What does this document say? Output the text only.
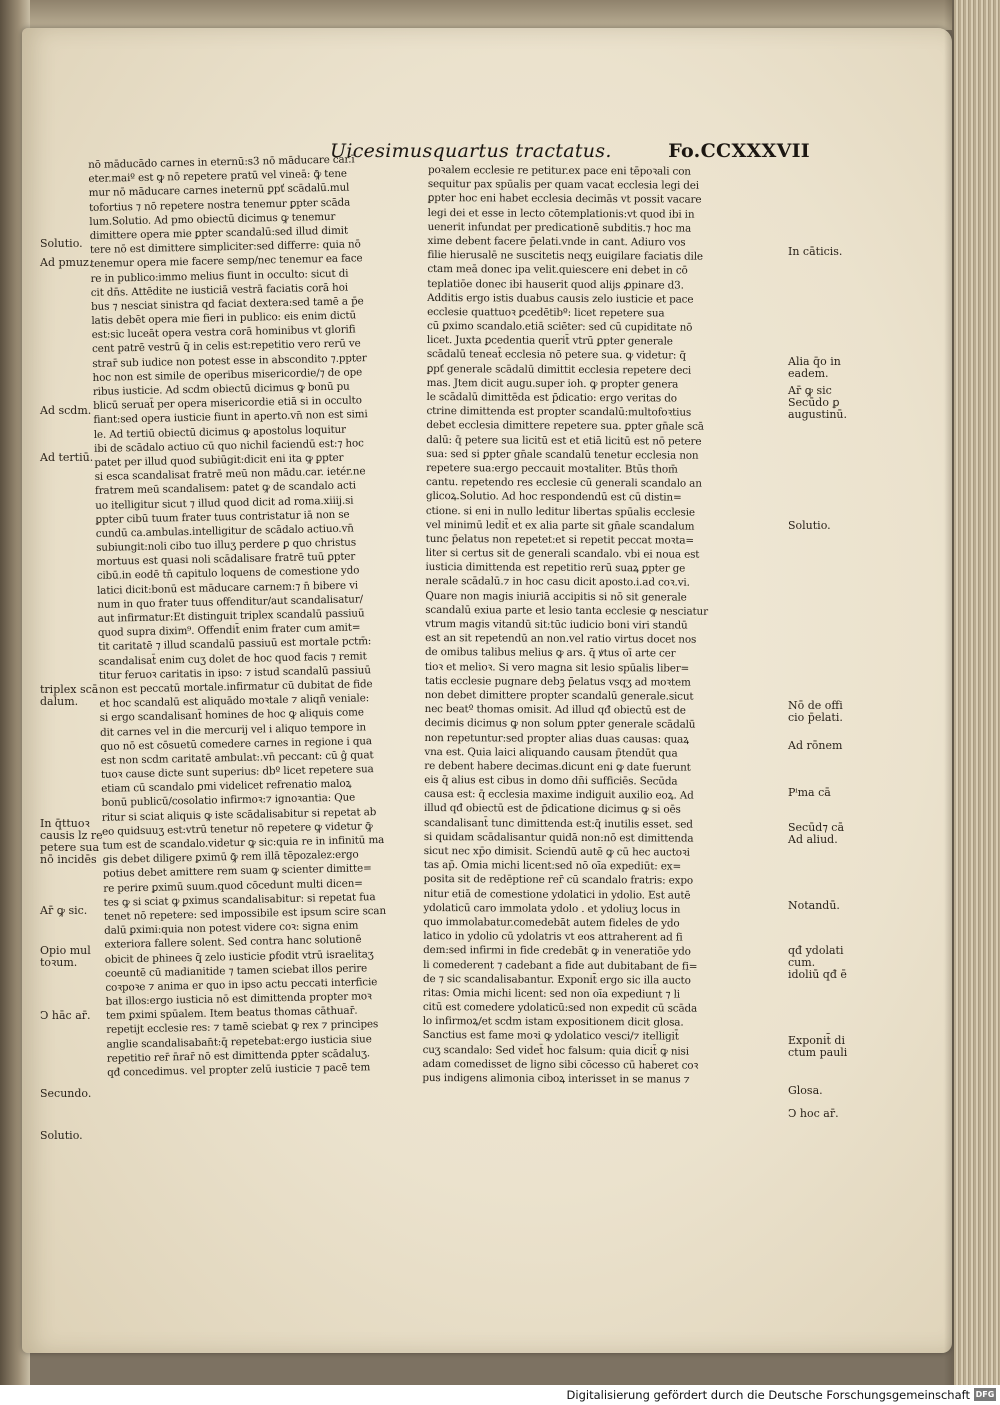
Uicesimusquartus tractatus.	Fo.CCXXXVII
nō mādu​cādo carnes in eternū:s3 nō māducare car.ī
eter.maiº est ꝙ nō repetere pratū vel vineā: ꝙ̄ tene
mur nō māducare carnes ineternū ꝑpť scādalū.mul
tofortius ⁊ nō repetere nostra tenemur ꝑpter scāda
lum.Solutio. Ad pmo obiectū dicimus ꝙ tenemur
dimittere opera mie ꝑpter scandalū:sed illud dimit
tere nō est dimittere simpliciter:sed differre: quia nō
tenemur opera mie facere semp/nec tenemur ea face
re in publico:immo melius fiunt in occulto: sicut di
cit dn̄s. Attēdite ne iusticiā vestrā faciatis corā hoi
bus ⁊ nesciat sinistra qd faciat dextera:sed tamē a p̄e
latis debēt opera mie fieri in publico: eis enim dictū
est:sic luceāt opera vestra corā hominibus vt glorifi
cent patrē vestrū q̄ in celis est:repetitio vero rerū ve
strar̄ sub iudice non potest esse in abscondito ⁊.ppter
hoc non est simile de operibus misericordie/⁊ de ope
ribus iusticie. Ad scdm obiectū dicimus ꝙ bonū pu
blicū seruat̄ per opera misericordie etiā si in occulto
fiant:sed opera iusticie fiunt in aperto.vn̄ non est simi
le. Ad tertiū obiectū dicimus ꝙ apostolus loquitur
ibi de scādalo actiuo cū quo nichil faciendū est:⁊ hoc
patet per illud quod subiūgit:dicit eni ita ꝙ ꝑpter
si esca scandalisat fratrē meū non mādu.car. ietér.ne
fratrem meū scandalisem: patet ꝙ de scandalo acti
uo itelligitur sicut ⁊ illud quod dicit ad roma.xiiij.si
ꝑpter cibū tuum frater tuus contristatur iā non se
cundū ca.ambulas.intelligitur de scādalo actiuo.vn̄
subiungit:noli cibo tuo illuʒ perdere ꝑ quo christus
mortuus est quasi noli scādalisare fratrē tuū ꝑpter
cibū.in eodē tn̄ capitulo loquens de comestione ydo
latici dicit:bonū est māducare carnem:⁊ n̄ bibere vi
num in quo frater tuus offenditur/aut scandalisatur/
aut infirmatur:Et distinguit triplex scandalū passiuū
quod supra dixim⁹. Offendit̄ enim frater cum amit=
tit caritatē ⁊ illud scandalū passiuū est mortale pctm̄:
scandalisat̄ enim cuʒ dolet de hoc quod facis ⁊ remit
titur feruoꝛ caritatis in ipso: ⁊ istud scandalū passiuū
non est peccatū mortale.infirmatur cū dubitat de fide
et hoc scandalū est aliquādo moꝛtale ⁊ aliqñ veniale:
si ergo scandalisant̄ homines de hoc ꝙ aliquis come
dit carnes vel in die mercurij vel i aliquo tempore in
quo nō est cōsuetū comedere carnes in regione i qua
est non scdm caritatē ambulat:.vn̄ peccant: cū ĝ quat
tuoꝛ cause dicte sunt superius: dbº licet repetere sua
etiam cū scandalo ꝑmi videlicet refrenatio maloꝝ
bonū publicū/cosolatio infirmoꝛ:⁊ ignoꝛantia: Que
ritur si sciat aliquis ꝙ iste scādalisabitur si repetat ab
eo quidsuuʒ est:vtrū tenetur nō repetere ꝙ videtur ꝙ̄
tum est de scandalo.videtur ꝙ sic:quia re in infinitū ma
gis debet diligere ꝑximū ꝙ̄ rem illā tēpozalez:ergo
potius debet amittere rem suam ꝙ scienter dimitte=
re perire ꝑximū suum.quod cōcedunt multi dicen=
tes ꝙ si sciat ꝙ ꝑximus scandalisabitur: si repetat fua
tenet nō repetere: sed impossibile est ipsum scire scan
dalū ꝑximi:quia non potest videre coꝛ: signa enim
exteriora fallere solent. Sed contra hanc solutionē
obicit de phinees q̄ zelo iusticie ꝑfodit vtrū israelitaʒ
coeuntē cū madianitide ⁊ tamen sciebat illos perire
coꝛpoꝛe ⁊ anima er quo in ipso actu peccati interficie
bat illos:ergo iusticia nō est dimittenda propter moꝛ
tem ꝑximi spūalem. Item beatus thomas cāthuar̄.
repetijt ecclesie res: ⁊ tamē sciebat ꝙ rex ⁊ principes
anglie scandalisaban̄t:q̄ repetebat:ergo iusticia siue
repetitio rer̄ n̄rar̄ nō est dimittenda ꝑpter scādaluʒ.
qđ concedimus. vel propter zelū iusticie ⁊ pacē tem
poꝛalem ecclesie re petitur.ex pace eni tēpoꝛali con
sequitur pax spūalis per quam vacat ecclesia legi dei
ꝑpter hoc eni habet ecclesia decimās vt possit vacare
legi dei et esse in lecto cōtemplationis:vt quod ibi in
uenerit infundat per predicationē subditis.⁊ hoc ma
xime debent facere p̄elati.vnde in cant. Adiuro vos
filie hierusalē ne suscitetis neqʒ euigilare faciatis dile
ctam meā donec ipa velit.quiescere eni debet in cō
teplatiōe donec ibi hauserit quod alijs ꝓpinare d3.
Additis ergo istis duabus causis zelo iusticie et pace
ecclesie quattuoꝛ ꝑcedētibº: licet repetere sua
cū ꝑximo scandalo.etiā sciēter: sed cū cupiditate nō
licet. Juxta ꝑcedentia querit̄ vtrū ꝑpter generale
scādalū teneat̄ ecclesia nō petere sua. ꝙ videtur: q̄
ꝑpť generale scādalū dimittit ecclesia repetere deci
mas. Jtem dicit augu.super ioh. ꝙ propter genera
le scādalū dimittēda est p̄dicatio: ergo veritas do
ctrine dimittenda est propter scandalū:multofoꝛtius
debet ecclesia dimittere repetere sua. ꝑpter gn̄ale scā
dalū: q̄ petere sua licitū est et etiā licitū est nō petere
sua: sed si ꝑpter gn̄ale scandalū tenetur ecclesia non
repetere sua:ergo peccauit moꝛtaliter. Btūs thom̄
cantu. repetendo res ecclesie cū generali scandalo an
glicoꝝ.Solutio. Ad hoc respondendū est cū distin=
ctione. si eni in nullo leditur libertas spūalis ecclesie
vel minimū ledit̄ et ex alia parte sit gn̄ale scandalum
tunc p̄elatus non repetet:et si repetit peccat moꝛta=
liter si certus sit de generali scandalo. vbi ei noua est
iusticia dimittenda est repetitio rerū suaꝝ ꝑpter ge
nerale scādalū.⁊ in hoc casu dicit aposto.i.ad coꝛ.vi.
Quare non magis iniuriā accipitis si nō sit generale
scandalū exiua parte et lesio tanta ecclesie ꝙ nesciatur
vtrum magis vitandū sit:tūc iudicio boni viri standū
est an sit repetendū an non.vel ratio virtus docet nos
de omibus talibus melius ꝙ ars. q̄ ꝟtus oī arte cer
tioꝛ et melioꝛ. Si vero magna sit lesio spūalis liber=
tatis ecclesie pugnare debꝫ p̄elatus vsqʒ ad moꝛtem
non debet dimittere propter scandalū generale.sicut
nec beatº thomas omisit. Ad illud qđ obiectū est de
decimis dicimus ꝙ non solum ꝑpter generale scādalū
non repetuntur:sed propter alias duas causas: quaꝝ
vna est. Quia laici aliquando causam p̄tendūt qua
re debent habere decimas.dicunt eni ꝙ date fuerunt
eis q̄ alius est cibus in domo dn̄i sufficiēs. Secūda
causa est: q̄ ecclesia maxime indiguit auxilio eoꝝ. Ad
illud qđ obiectū est de p̄dicatione dicimus ꝙ si oēs
scandalisant̄ tunc dimittenda est:q̄ inutilis esset. sed
si quidam scādalisantur quidā non:nō est dimittenda
sicut nec xp̄o dimisit. Sciendū autē ꝙ cū hec auctoꝛi
tas ap̄. Omia michi licent:sed nō oīa expediūt: ex=
posita sit de redēptione rer̄ cū scandalo fratris: expo
nitur etiā de comestione ydolatici in ydolio. Est autē
ydolaticū caro immolata ydolo . et ydoliuʒ locus in
quo immolabatur.comedebāt autem fideles de ydo
latico in ydolio cū ydolatris vt eos attraherent ad fi
dem:sed infirmi in fide credebāt ꝙ in veneratiōe ydo
li comederent ⁊ cadebant a fide aut dubitabant de fi=
de ⁊ sic scandalisabantur. Exponit̄ ergo sic illa aucto
ritas: Omia michi licent: sed non oīa expediunt ⁊ li
citū est comedere ydolaticū:sed non expedit cū scāda
lo infirmoꝝ/et scdm istam expositionem dicit glosa.
Sanctius est fame moꝛi ꝙ ydolatico vesci/⁊ itelligit̄
cuʒ scandalo: Sed videt̄ hoc falsum: quia dicit̄ ꝙ nisi
adam comedisset de ligno sibi cōcesso cū haberet coꝛ
pus indigens alimonia ciboꝝ interisset in se manus ⁊
Solutio.
Ad pmuz.
Ad scdm.
Ad tertiū.
triplex scā
dalum.
In q̄ttuoꝛ
causis lz re
petere sua
nō incidēs
Ar̄ ꝙ sic.
Opio mul
toꝛum.
Ↄ hāc ar̄.
Secundo.
Solutio.
In cāticis.
Alia q̄o in
eadem.
Ar̄ ꝙ sic
Secūdo ꝑ
augustinū.
Solutio.
Nō de offi
cio p̄elati.
Ad rōnem
Pⁱma cā
Secūd⁊ cā
Ad aliud.
Notandū.
qđ ydolati
cum.
idoliū qđ ē
Exponit̄ di
ctum pauli
Glosa.
Ↄ hoc ar̄.
Digitalisierung gefördert durch die Deutsche Forschungsgemeinschaft DFG
